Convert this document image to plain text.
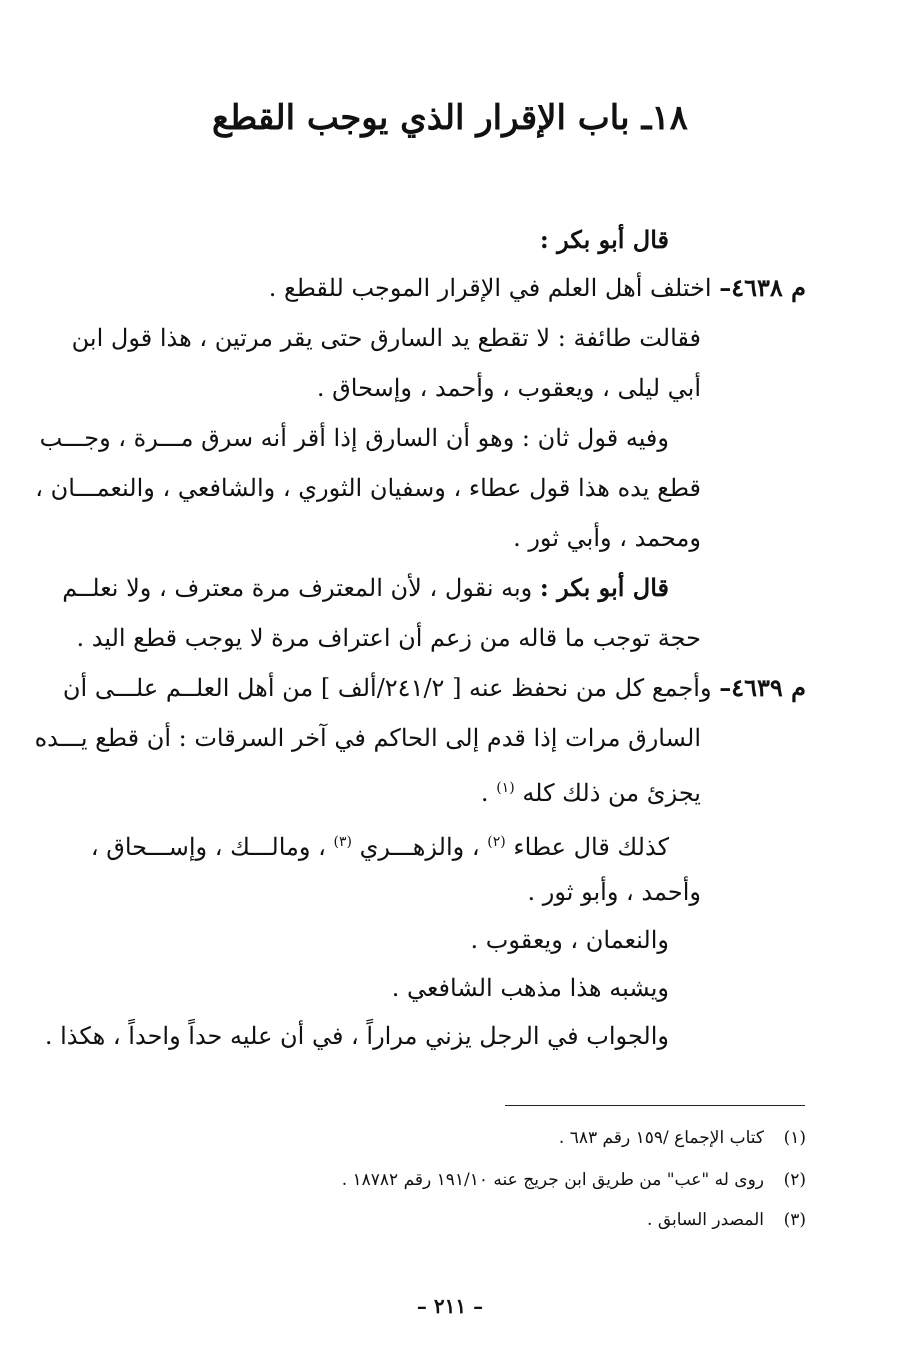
١٨ـ باب الإقرار الذي يوجب القطع
قال أبو بكر :
م ٤٦٣٨– اختلف أهل العلم في الإقرار الموجب للقطع .
فقالت طائفة : لا تقطع يد السارق حتى يقر مرتين ، هذا قول ابن
أبي ليلى ، ويعقوب ، وأحمد ، وإسحاق .
وفيه قول ثان : وهو أن السارق إذا أقر أنه سرق مـــرة ، وجـــب
قطع يده هذا قول عطاء ، وسفيان الثوري ، والشافعي ، والنعمـــان ،
ومحمد ، وأبي ثور .
قال أبو بكر : وبه نقول ، لأن المعترف مرة معترف ، ولا نعلــم
حجة توجب ما قاله من زعم أن اعتراف مرة لا يوجب قطع اليد .
م ٤٦٣٩– وأجمع كل من نحفظ عنه [ ٢٤١/٢/ألف ] من أهل العلــم علـــى أن
السارق مرات إذا قدم إلى الحاكم في آخر السرقات : أن قطع يـــده
يجزئ من ذلك كله $^{(١)}$ .
كذلك قال عطاء $^{(٢)}$ ، والزهـــري $^{(٣)}$ ، ومالـــك ، وإســـحاق ،
وأحمد ، وأبو ثور .
والنعمان ، ويعقوب .
ويشبه هذا مذهب الشافعي .
والجواب في الرجل يزني مراراً ، في أن عليه حداً واحداً ، هكذا .
(١)كتاب الإجماع /١٥٩ رقم ٦٨٣ .
(٢)روى له "عب" من طريق ابن جريج عنه ١٩١/١٠ رقم ١٨٧٨٢ .
(٣)المصدر السابق .
– ٢١١ –
